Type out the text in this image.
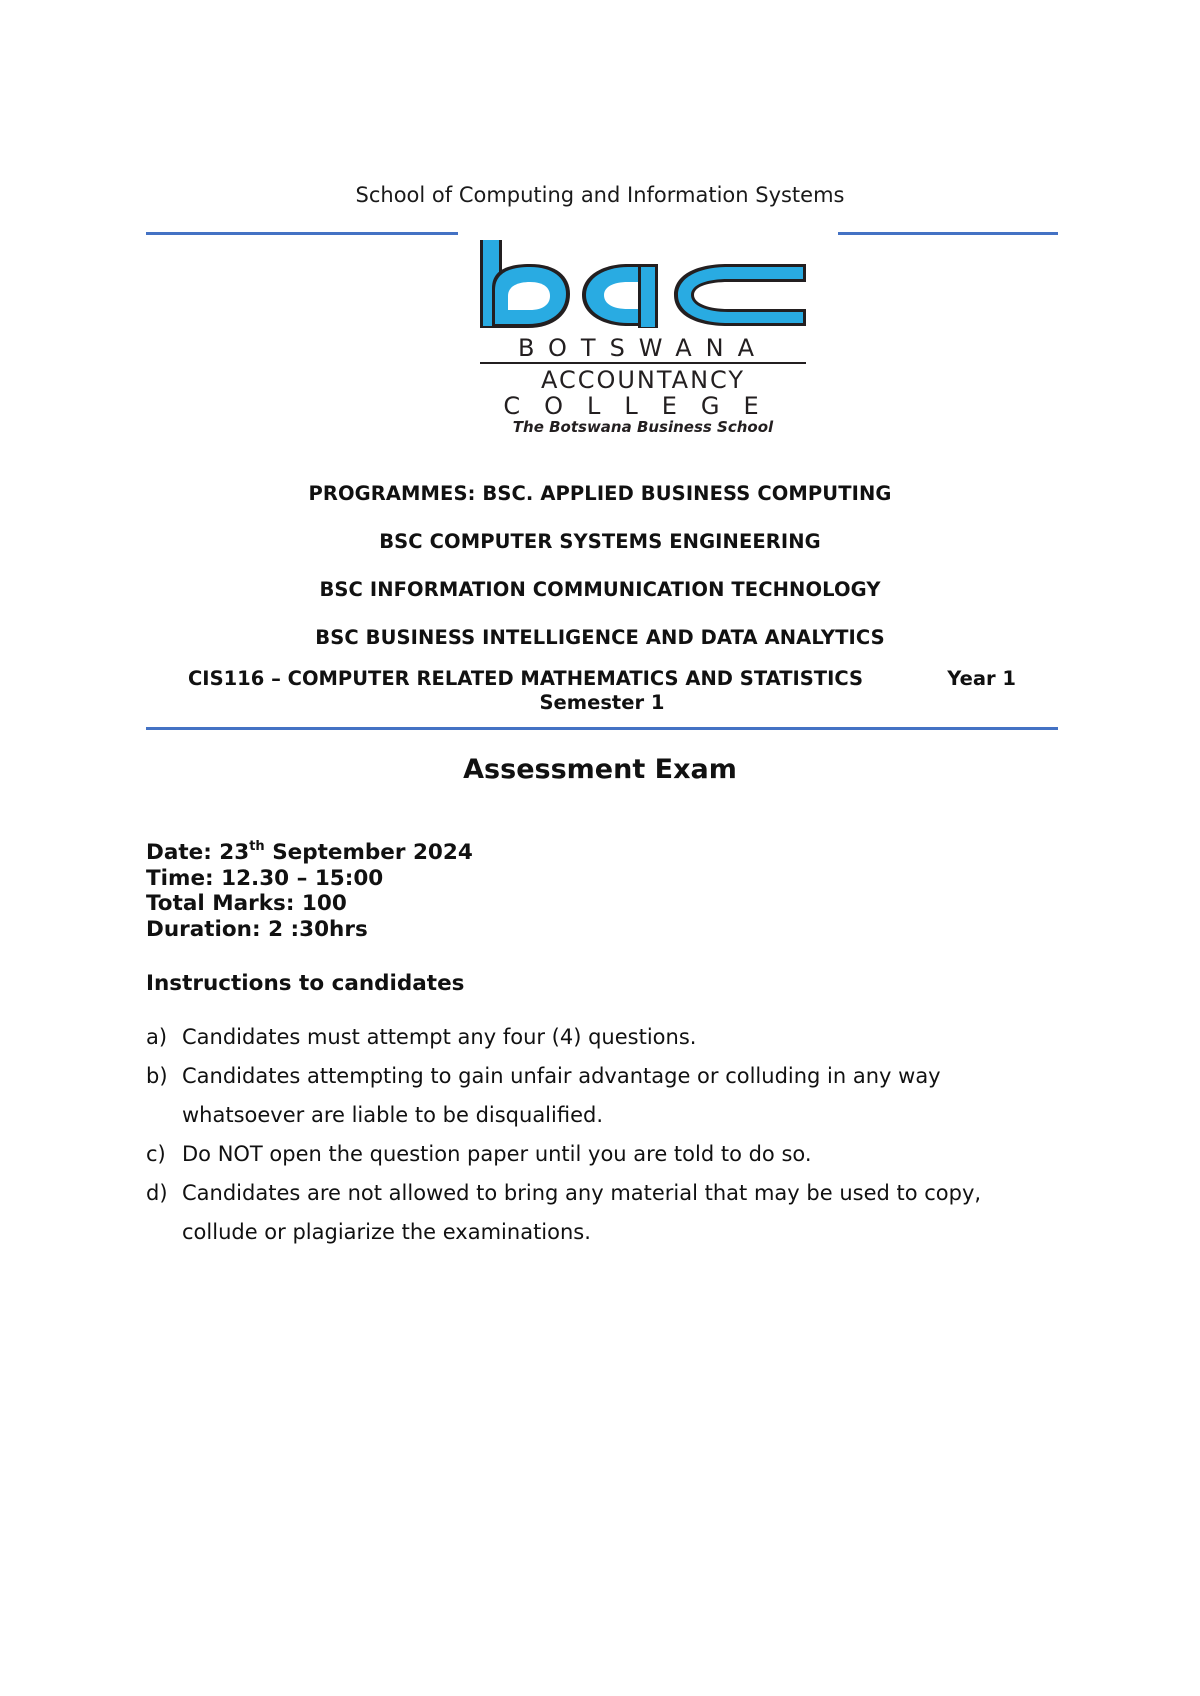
School of Computing and Information Systems
BOTSWANA
ACCOUNTANCY
COLLEGE
The Botswana Business School
PROGRAMMES: BSC. APPLIED BUSINESS COMPUTING
BSC COMPUTER SYSTEMS ENGINEERING
BSC INFORMATION COMMUNICATION TECHNOLOGY
BSC BUSINESS INTELLIGENCE AND DATA ANALYTICS
CIS116 – COMPUTER RELATED MATHEMATICS AND STATISTICS	Year 1
Semester 1
Assessment Exam
Date: 23th September 2024
Time: 12.30 – 15:00
Total Marks: 100
Duration: 2 :30hrs
Instructions to candidates
a) Candidates must attempt any four (4) questions.
b) Candidates attempting to gain unfair advantage or colluding in any way
whatsoever are liable to be disqualified.
c) Do NOT open the question paper until you are told to do so.
d) Candidates are not allowed to bring any material that may be used to copy,
collude or plagiarize the examinations.
